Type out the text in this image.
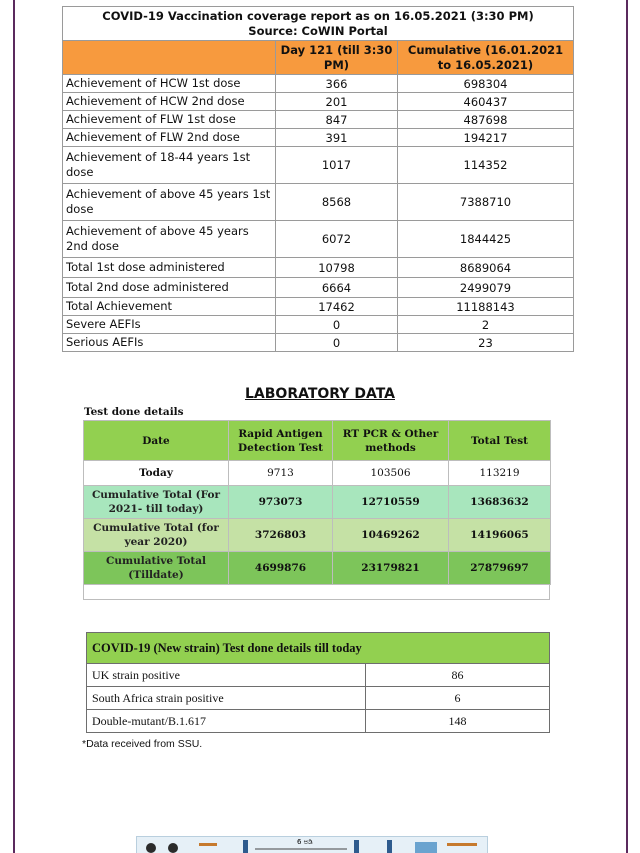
COVID-19 Vaccination coverage report as on 16.05.2021 (3:30 PM)
Source: CoWIN Portal		

	Day 121 (till 3:30 PM)	Cumulative (16.01.2021 to 16.05.2021)
Achievement of HCW 1st dose	366	698304
Achievement of HCW 2nd dose	201	460437
Achievement of FLW 1st dose	847	487698
Achievement of FLW 2nd dose	391	194217
Achievement of 18-44 years 1st dose	1017	114352
Achievement of above 45 years 1st dose	8568	7388710
Achievement of above 45 years 2nd dose	6072	1844425
Total 1st dose administered	10798	8689064
Total 2nd dose administered	6664	2499079
Total Achievement	17462	11188143
Severe AEFIs	0	2
Serious AEFIs	0	23
LABORATORY DATA
Test done details
Date	Rapid Antigen Detection Test	RT PCR & Other methods	Total Test
Today	9713	103506	113219
Cumulative Total (For 2021- till today)	973073	12710559	13683632
Cumulative Total (for year 2020)	3726803	10469262	14196065
Cumulative Total (Tilldate)	4699876	23179821	27879697
COVID-19 (New strain) Test done details till today	
UK strain positive	86
South Africa strain positive	6
Double-mutant/B.1.617	148
*Data received from SSU.
6 ಅಡಿ
